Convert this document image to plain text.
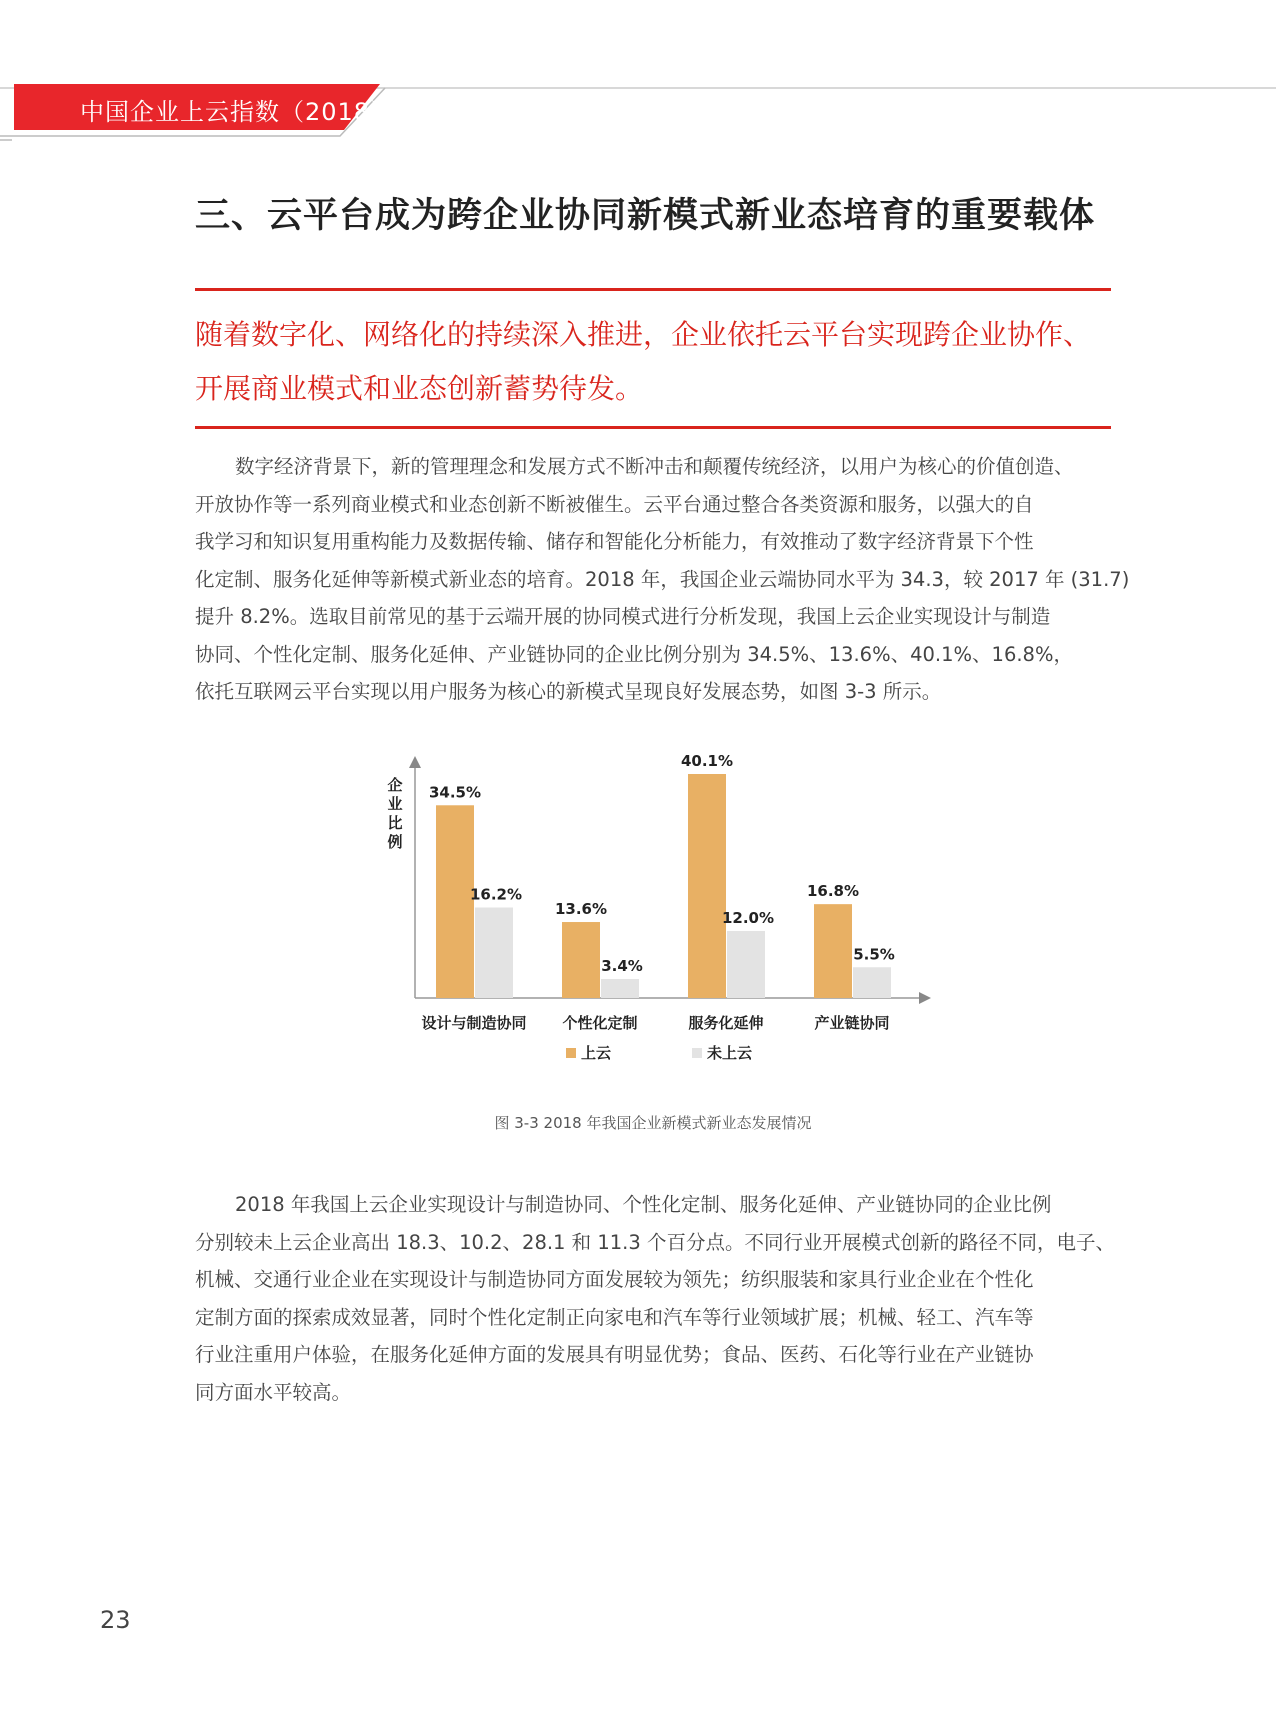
中国企业上云指数（2018）
三、云平台成为跨企业协同新模式新业态培育的重要载体

随着数字化、网络化的持续深入推进，企业依托云平台实现跨企业协作、

开展商业模式和业态创新蓄势待发。

数字经济背景下，新的管理理念和发展方式不断冲击和颠覆传统经济，以用户为核心的价值创造、
开放协作等一系列商业模式和业态创新不断被催生。云平台通过整合各类资源和服务，以强大的自
我学习和知识复用重构能力及数据传输、储存和智能化分析能力，有效推动了数字经济背景下个性
化定制、服务化延伸等新模式新业态的培育。2018 年，我国企业云端协同水平为 34.3，较 2017 年 (31.7)
提升 8.2%。选取目前常见的基于云端开展的协同模式进行分析发现，我国上云企业实现设计与制造
协同、个性化定制、服务化延伸、产业链协同的企业比例分别为 34.5%、13.6%、40.1%、16.8%，
依托互联网云平台实现以用户服务为核心的新模式呈现良好发展态势，如图 3-3 所示。
企
业
比
例
34.5%
16.2%
设计与制造协同
13.6%
3.4%
个性化定制
40.1%
12.0%
服务化延伸
16.8%
5.5%
产业链协同
上云	未上云
图 3-3 2018 年我国企业新模式新业态发展情况
2018 年我国上云企业实现设计与制造协同、个性化定制、服务化延伸、产业链协同的企业比例
分别较未上云企业高出 18.3、10.2、28.1 和 11.3 个百分点。不同行业开展模式创新的路径不同，电子、
机械、交通行业企业在实现设计与制造协同方面发展较为领先；纺织服装和家具行业企业在个性化
定制方面的探索成效显著，同时个性化定制正向家电和汽车等行业领域扩展；机械、轻工、汽车等
行业注重用户体验，在服务化延伸方面的发展具有明显优势；食品、医药、石化等行业在产业链协
同方面水平较高。
23
